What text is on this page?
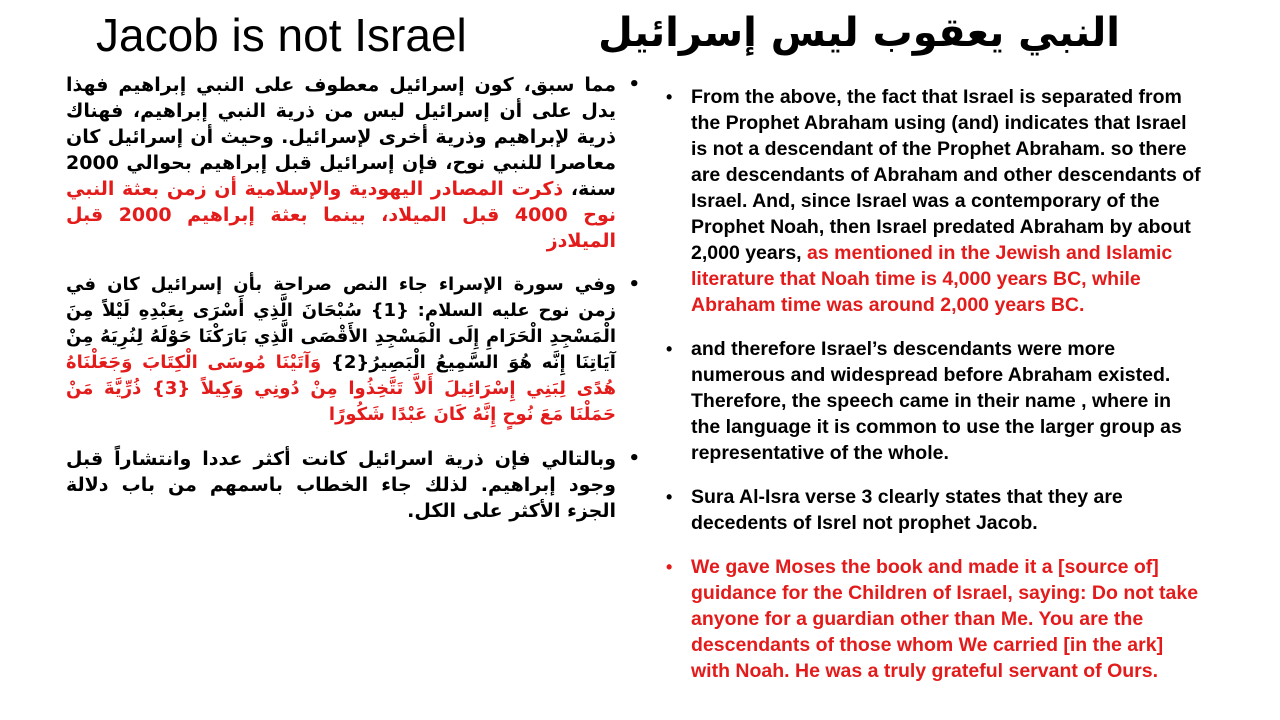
Jacob is not Israel	النبي يعقوب ليس إسرائيل
•
مما سبق، كون إسرائيل معطوف على النبي إبراهيم فهذا يدل على أن إسرائيل ليس من ذرية النبي إبراهيم، فهناك ذرية لإبراهيم وذرية أخرى لإسرائيل. وحيث أن إسرائيل كان معاصرا للنبي نوح، فإن إسرائيل قبل إبراهيم بحوالي 2000 سنة، ذكرت المصادر اليهودية والإسلامية أن زمن بعثة النبي نوح 4000 قبل الميلاد، بينما بعثة إبراهيم 2000 قبل الميلادز
•
وفي سورة الإسراء جاء النص صراحة بأن إسرائيل كان في زمن نوح عليه السلام: {1} سُبْحَانَ الَّذِي أَسْرَى بِعَبْدِهِ لَيْلاً مِنَ الْمَسْجِدِ الْحَرَامِ إِلَى الْمَسْجِدِ الأَقْصَى الَّذِي بَارَكْنَا حَوْلَهُ لِنُرِيَهُ مِنْ آيَاتِنَا إِنَّه هُوَ السَّمِيعُ الْبَصِيرُ{2} وَآتَيْنَا مُوسَى الْكِتَابَ وَجَعَلْنَاهُ هُدًى لِبَنِي إِسْرَائِيلَ أَلاَّ تَتَّخِذُوا مِنْ دُونِي وَكِيلاً {3} ذُرِّيَّةَ مَنْ حَمَلْنَا مَعَ نُوحٍ إِنَّهُ كَانَ عَبْدًا شَكُورًا
•
وبالتالي فإن ذرية اسرائيل كانت أكثر عددا وانتشاراً قبل وجود إبراهيم. لذلك جاء الخطاب باسمهم من باب دلالة الجزء الأكثر على الكل.
• From the above, the fact that Israel is separated from the Prophet Abraham using (and) indicates that Israel is not a descendant of the Prophet Abraham. so there are descendants of Abraham and other descendants of Israel. And, since Israel was a contemporary of the Prophet Noah, then Israel predated Abraham by about 2,000 years, as mentioned in the Jewish and Islamic literature that Noah time is 4,000 years BC, while Abraham time was around 2,000 years BC.
• and therefore Israel’s descendants were more numerous and widespread before Abraham existed. Therefore, the speech came in their name , where in the language it is common to use the larger group as representative of the whole.
• Sura Al-Isra verse 3 clearly states that they are decedents of Isrel not prophet Jacob.
• We gave Moses the book and made it a [source of] guidance for the Children of Israel, saying: Do not take anyone for a guardian other than Me. You are the descendants of those whom We carried [in the ark] with Noah. He was a truly grateful servant of Ours.
